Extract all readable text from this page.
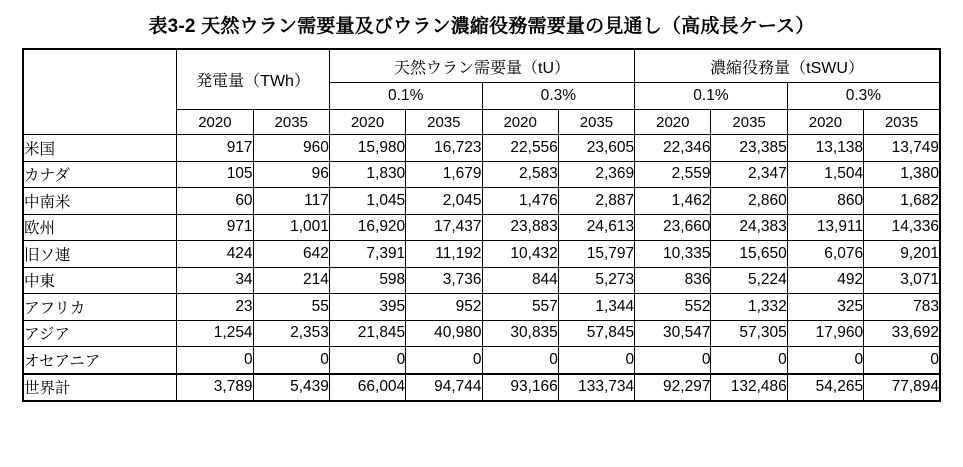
表3-2 天然ウラン需要量及びウラン濃縮役務需要量の見通し（高成長ケース）
	発電量（TWh）		天然ウラン需要量（tU）				濃縮役務量（tSWU）			
			0.1%		0.3%		0.1%		0.3%	
	2020	2035	2020	2035	2020	2035	2020	2035	2020	2035
米国	917	960	15,980	16,723	22,556	23,605	22,346	23,385	13,138	13,749
カナダ	105	96	1,830	1,679	2,583	2,369	2,559	2,347	1,504	1,380
中南米	60	117	1,045	2,045	1,476	2,887	1,462	2,860	860	1,682
欧州	971	1,001	16,920	17,437	23,883	24,613	23,660	24,383	13,911	14,336
旧ソ連	424	642	7,391	11,192	10,432	15,797	10,335	15,650	6,076	9,201
中東	34	214	598	3,736	844	5,273	836	5,224	492	3,071
アフリカ	23	55	395	952	557	1,344	552	1,332	325	783
アジア	1,254	2,353	21,845	40,980	30,835	57,845	30,547	57,305	17,960	33,692
オセアニア	0	0	0	0	0	0	0	0	0	0
世界計	3,789	5,439	66,004	94,744	93,166	133,734	92,297	132,486	54,265	77,894
